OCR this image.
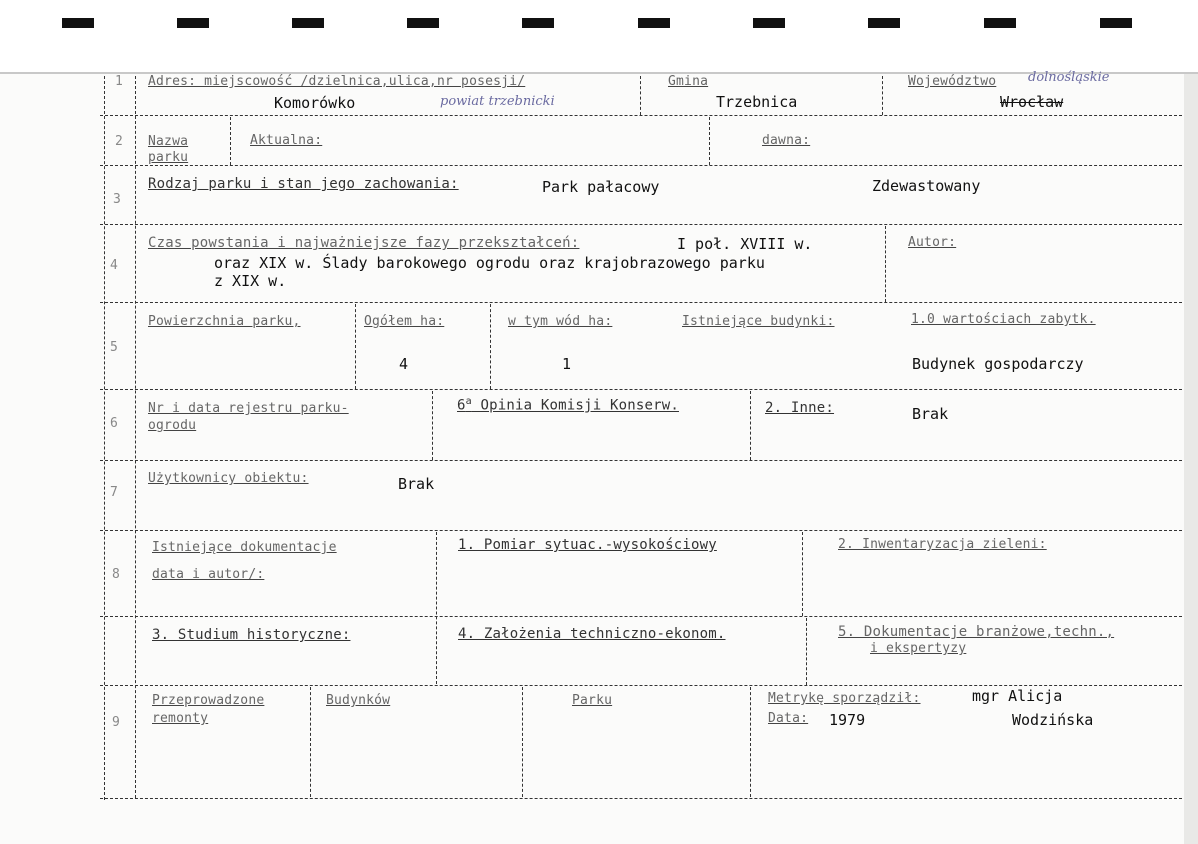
1 Adres: miejscowość /dzielnica,ulica,nr posesji/
Komorówko	powiat trzebnicki
Gmina
Trzebnica
Województwo dolnośląskie
Wrocław
2 Nazwa
parku
Aktualna:	dawna:
3
Rodzaj parku i stan jego zachowania:	Park pałacowy	Zdewastowany
4
Czas powstania i najważniejsze fazy przekształceń:	I poł. XVIII w.
oraz XIX w. Ślady barokowego ogrodu oraz krajobrazowego parku
z XIX w.
Autor:
5
Powierzchnia parku,	Ogółem ha:
4
w tym wód ha:
1
Istniejące budynki:	1.0 wartościach zabytk.
Budynek gospodarczy
6
Nr i data rejestru parku-
ogrodu
6$^a$ Opinia Komisji Konserw.	2. Inne:	Brak
7
Użytkownicy obiektu:	Brak
8
Istniejące dokumentacje
data i autor/:
1. Pomiar sytuac.-wysokościowy	2. Inwentaryzacja zieleni:
3. Studium historyczne:	4. Założenia techniczno-ekonom.	5. Dokumentacje branżowe,techn.,
i ekspertyzy
9
Przeprowadzone
remonty
Budynków	Parku	Metrykę sporządził:	mgr Alicja
Wodzińska
Data: 1979
